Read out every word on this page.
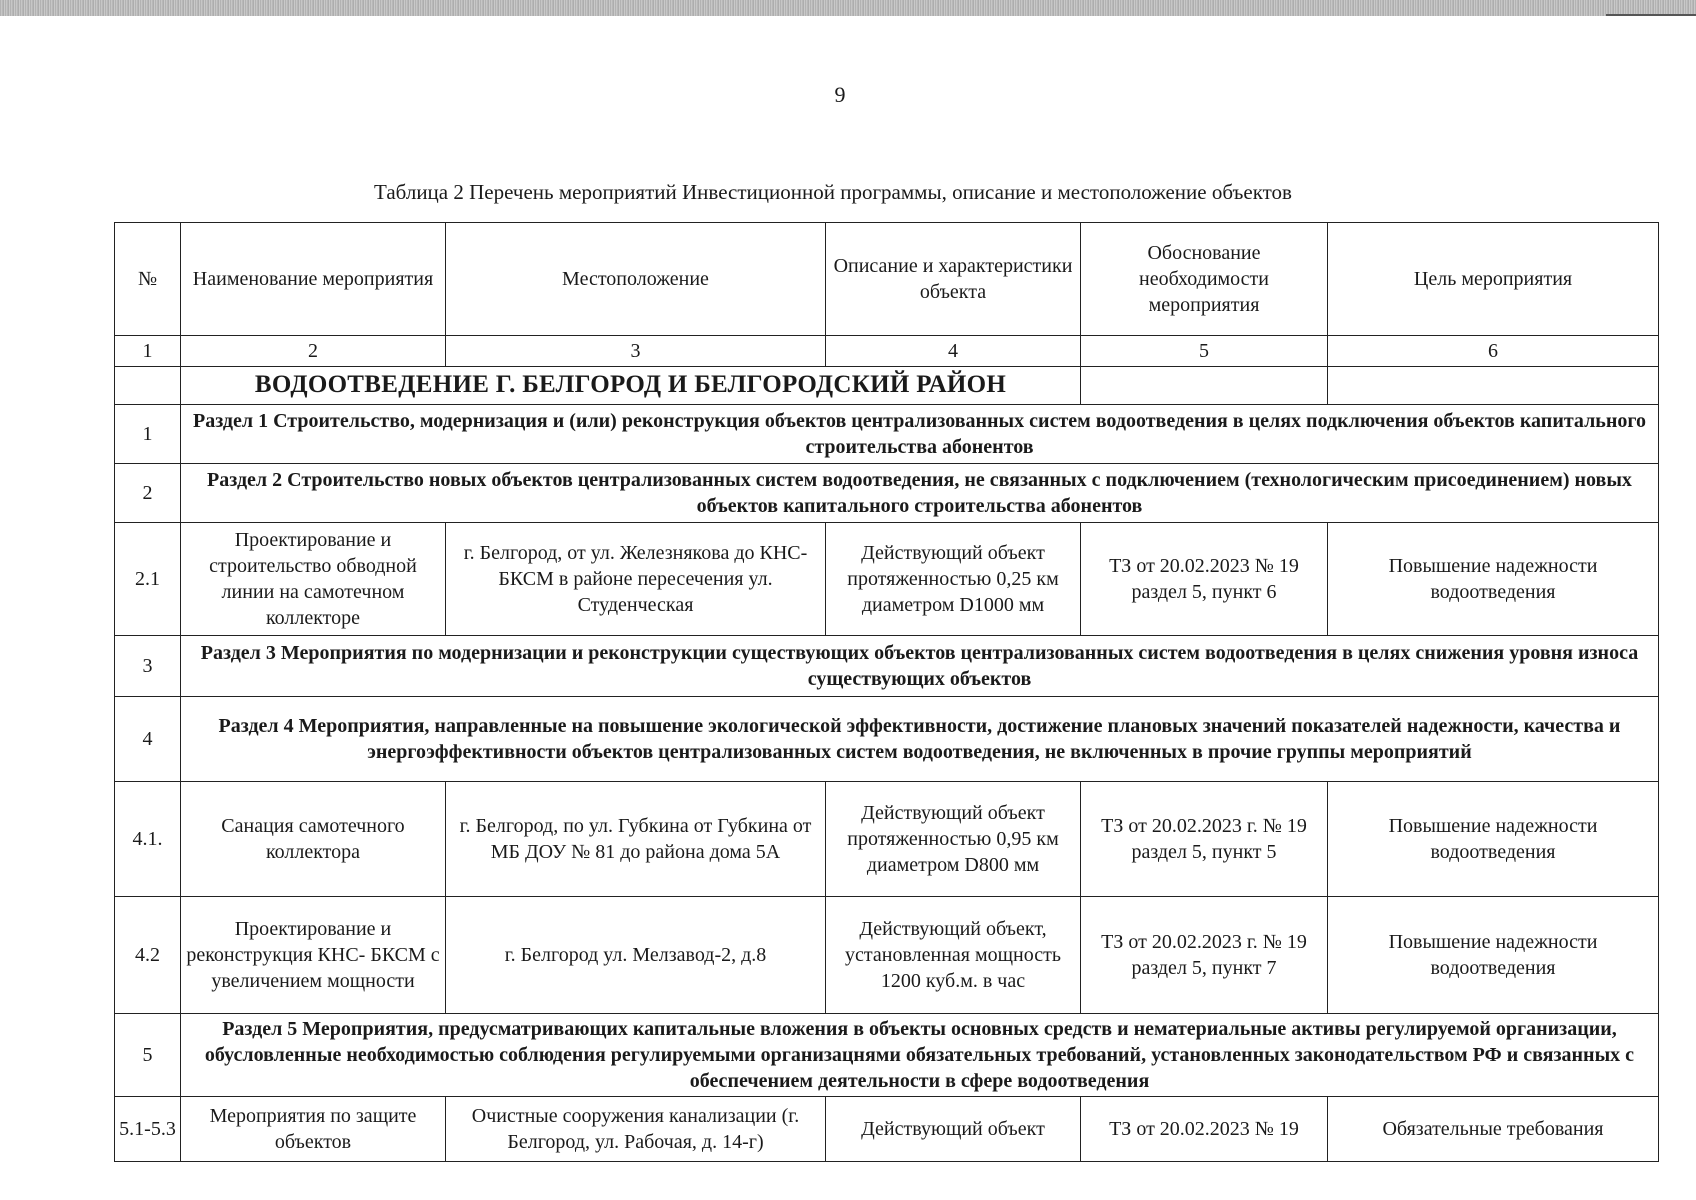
9
Таблица 2 Перечень мероприятий Инвестиционной программы, описание и местоположение объектов
№	Наименование мероприятия	Местоположение	Описание и характеристики объекта	Обоснование необходимости мероприятия	Цель мероприятия
1	2	3	4	5	6
	ВОДООТВЕДЕНИЕ Г. БЕЛГОРОД И БЕЛГОРОДСКИЙ РАЙОН				
1	Раздел 1 Строительство, модернизация и (или) реконструкция объектов централизованных систем водоотведения в целях подключения объектов капитального строительства абонентов				
2	Раздел 2 Строительство новых объектов централизованных систем водоотведения, не связанных с подключением (технологическим присоединением) новых объектов капитального строительства абонентов				
2.1	Проектирование и строительство обводной линии на самотечном коллекторе	г. Белгород, от ул. Железнякова до КНС-БКСМ в районе пересечения ул. Студенческая	Действующий объект протяженностью 0,25 км диаметром D1000 мм	ТЗ от 20.02.2023 № 19 раздел 5, пункт 6	Повышение надежности водоотведения
3	Раздел 3 Мероприятия по модернизации и реконструкции существующих объектов централизованных систем водоотведения в целях снижения уровня износа существующих объектов				
4	Раздел 4 Мероприятия, направленные на повышение экологической эффективности, достижение плановых значений показателей надежности, качества и энергоэффективности объектов централизованных систем водоотведения, не включенных в прочие группы мероприятий				
4.1.	Санация самотечного коллектора	г. Белгород, по ул. Губкина от Губкина от МБ ДОУ № 81 до района дома 5А	Действующий объект протяженностью 0,95 км диаметром D800 мм	ТЗ от 20.02.2023 г. № 19 раздел 5, пункт 5	Повышение надежности водоотведения
4.2	Проектирование и реконструкция КНС- БКСМ с увеличением мощности	г. Белгород ул. Мелзавод-2, д.8	Действующий объект, установленная мощность 1200 куб.м. в час	ТЗ от 20.02.2023 г. № 19 раздел 5, пункт 7	Повышение надежности водоотведения
5	Раздел 5 Мероприятия, предусматривающих капитальные вложения в объекты основных средств и нематериальные активы регулируемой организации, обусловленные необходимостью соблюдения регулируемыми организацнями обязательных требований, установленных законодательством РФ и связанных с обеспечением деятельности в сфере водоотведения				
5.1-5.3	Мероприятия по защите объектов	Очистные сооружения канализации (г. Белгород, ул. Рабочая, д. 14-г)	Действующий объект	ТЗ от 20.02.2023 № 19	Обязательные требования
